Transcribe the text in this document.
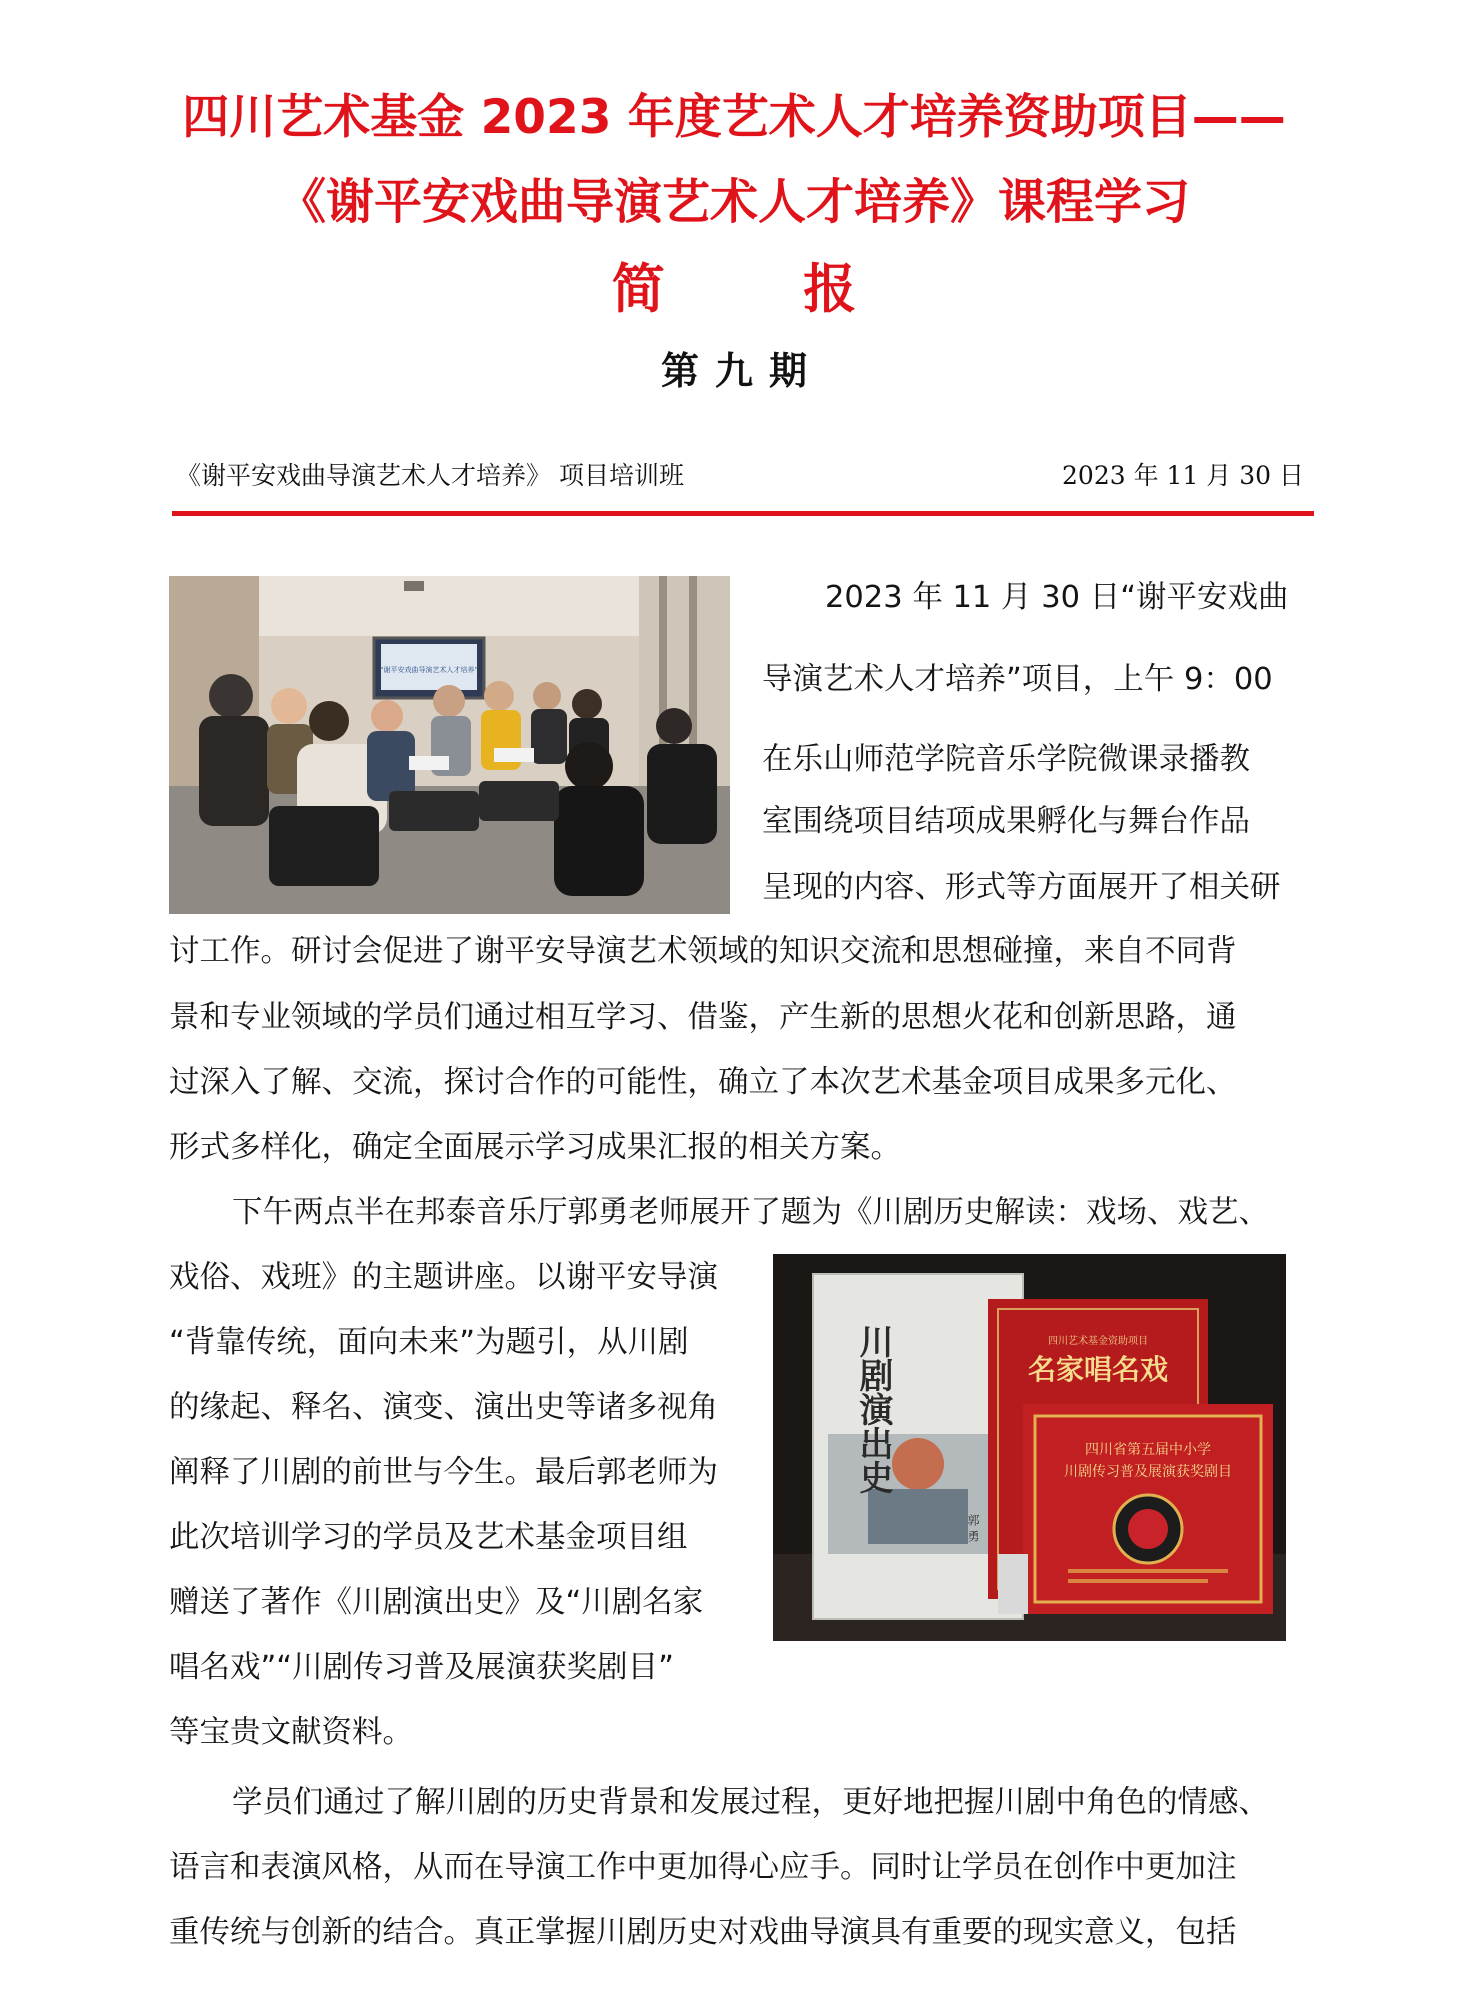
四川艺术基金 2023 年度艺术人才培养资助项目——
《谢平安戏曲导演艺术人才培养》课程学习
简 报
第九期
《谢平安戏曲导演艺术人才培养》 项目培训班	2023 年 11 月 30 日
“谢平安戏曲导演艺术人才培养”
川剧演出史
郭 勇
四川艺术基金资助项目
名家唱名戏
四川省第五届中小学
川剧传习普及展演获奖剧目
2023 年 11 月 30 日“谢平安戏曲
导演艺术人才培养”项目，上午 9：00
在乐山师范学院音乐学院微课录播教
室围绕项目结项成果孵化与舞台作品
呈现的内容、形式等方面展开了相关研
讨工作。研讨会促进了谢平安导演艺术领域的知识交流和思想碰撞，来自不同背
景和专业领域的学员们通过相互学习、借鉴，产生新的思想火花和创新思路，通
过深入了解、交流，探讨合作的可能性，确立了本次艺术基金项目成果多元化、
形式多样化，确定全面展示学习成果汇报的相关方案。
下午两点半在邦泰音乐厅郭勇老师展开了题为《川剧历史解读：戏场、戏艺、
戏俗、戏班》的主题讲座。以谢平安导演
“背靠传统，面向未来”为题引，从川剧
的缘起、释名、演变、演出史等诸多视角
阐释了川剧的前世与今生。最后郭老师为
此次培训学习的学员及艺术基金项目组
赠送了著作《川剧演出史》及“川剧名家
唱名戏”“川剧传习普及展演获奖剧目”
等宝贵文献资料。
学员们通过了解川剧的历史背景和发展过程，更好地把握川剧中角色的情感、
语言和表演风格，从而在导演工作中更加得心应手。同时让学员在创作中更加注
重传统与创新的结合。真正掌握川剧历史对戏曲导演具有重要的现实意义，包括
